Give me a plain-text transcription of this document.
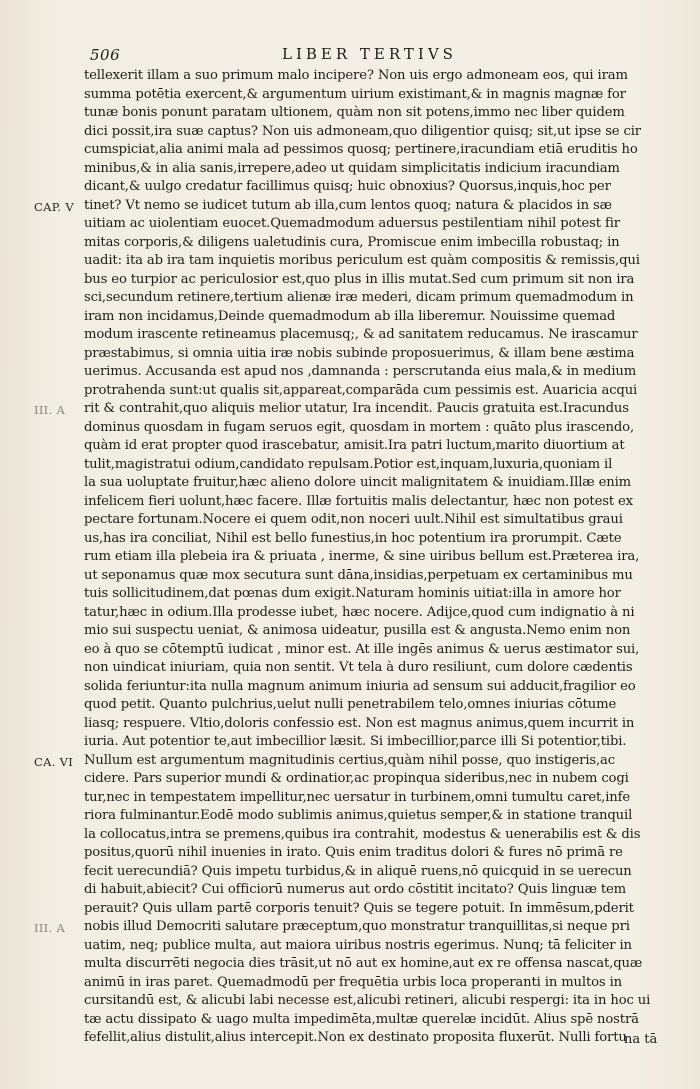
506	LIBER TERTIVS
tellexerit illam a suo primum malo incipere? Non uis ergo admoneam eos, qui iram
summa potētia exercent,& argumentum uirium existimant,& in magnis magnæ for
tunæ bonis ponunt paratam ultionem, quàm non sit potens,immo nec liber quidem
dici possit,ira suæ captus? Non uis admoneam,quo diligentior quisq; sit,ut ipse se cir
cumspiciat,alia animi mala ad pessimos quosq; pertinere,iracundiam etiā eruditis ho
minibus,& in alia sanis,irrepere,adeo ut quidam simplicitatis indicium iracundiam
dicant,& uulgo credatur facillimus quisq; huic obnoxius? Quorsus,inquis,hoc per
tinet? Vt nemo se iudicet tutum ab illa,cum lentos quoq; natura & placidos in sæ
uitiam ac uiolentiam euocet.Quemadmodum aduersus pestilentiam nihil potest fir
mitas corporis,& diligens ualetudinis cura, Promiscue enim imbecilla robustaq; in
uadit: ita ab ira tam inquietis moribus periculum est quàm compositis & remissis,qui
bus eo turpior ac periculosior est,quo plus in illis mutat.Sed cum primum sit non ira
sci,secundum retinere,tertium alienæ iræ mederi, dicam primum quemadmodum in
iram non incidamus,Deinde quemadmodum ab illa liberemur. Nouissime quemad
modum irascente retineamus placemusq;, & ad sanitatem reducamus. Ne irascamur
præstabimus, si omnia uitia iræ nobis subinde proposuerimus, & illam bene æstima
uerimus. Accusanda est apud nos ,damnanda : perscrutanda eius mala,& in medium
protrahenda sunt:ut qualis sit,appareat,comparāda cum pessimis est. Auaricia acqui
rit & contrahit,quo aliquis melior utatur, Ira incendit. Paucis gratuita est.Iracundus
dominus quosdam in fugam seruos egit, quosdam in mortem : quāto plus irascendo,
quàm id erat propter quod irascebatur, amisit.Ira patri luctum,marito diuortium at
tulit,magistratui odium,candidato repulsam.Potior est,inquam,luxuria,quoniam il
la sua uoluptate fruitur,hæc alieno dolore uincit malignitatem & inuidiam.Illæ enim
infelicem fieri uolunt,hæc facere. Illæ fortuitis malis delectantur, hæc non potest ex
pectare fortunam.Nocere ei quem odit,non noceri uult.Nihil est simultatibus graui
us,has ira conciliat, Nihil est bello funestius,in hoc potentium ira prorumpit. Cæte
rum etiam illa plebeia ira & priuata , inerme, & sine uiribus bellum est.Præterea ira,
ut seponamus quæ mox secutura sunt dāna,insidias,perpetuam ex certaminibus mu
tuis sollicitudinem,dat pœnas dum exigit.Naturam hominis uitiat:illa in amore hor
tatur,hæc in odium.Illa prodesse iubet, hæc nocere. Adijce,quod cum indignatio à ni
mio sui suspectu ueniat, & animosa uideatur, pusilla est & angusta.Nemo enim non
eo à quo se cōtemptū iudicat , minor est. At ille ingēs animus & uerus æstimator sui,
non uindicat iniuriam, quia non sentit. Vt tela à duro resiliunt, cum dolore cædentis
solida feriuntur:ita nulla magnum animum iniuria ad sensum sui adducit,fragilior eo
quod petit. Quanto pulchrius,uelut nulli penetrabilem telo,omnes iniurias cōtume
liasq; respuere. Vltio,doloris confessio est. Non est magnus animus,quem incurrit in
iuria. Aut potentior te,aut imbecillior læsit. Si imbecillior,parce illi Si potentior,tibi.
Nullum est argumentum magnitudinis certius,quàm nihil posse, quo instigeris,ac
cidere. Pars superior mundi & ordinatior,ac propinqua sideribus,nec in nubem cogi
tur,nec in tempestatem impellitur,nec uersatur in turbinem,omni tumultu caret,infe
riora fulminantur.Eodē modo sublimis animus,quietus semper,& in statione tranquil
la collocatus,intra se premens,quibus ira contrahit, modestus & uenerabilis est & dis
positus,quorū nihil inuenies in irato. Quis enim traditus dolori & fures nō primā re
fecit uerecundiā? Quis impetu turbidus,& in aliquē ruens,nō quicquid in se uerecun
di habuit,abiecit? Cui officiorū numerus aut ordo cōstitit incitato? Quis linguæ tem
perauit? Quis ullam partē corporis tenuit? Quis se tegere potuit. In immēsum,pderit
nobis illud Democriti salutare præceptum,quo monstratur tranquillitas,si neque pri
uatim, neq; publice multa, aut maiora uiribus nostris egerimus. Nunq; tā feliciter in
multa discurrēti negocia dies trāsit,ut nō aut ex homine,aut ex re offensa nascat,quæ
animū in iras paret. Quemadmodū per frequētia urbis loca properanti in multos in
cursitandū est, & alicubi labi necesse est,alicubi retineri, alicubi respergi: ita in hoc ui
tæ actu dissipato & uago multa impedimēta,multæ querelæ incidūt. Alius spē nostrā
fefellit,alius distulit,alius intercepit.Non ex destinato proposita fluxerūt. Nulli fortu
CAP. V
III. A
CA. VI
III. A
na tā
